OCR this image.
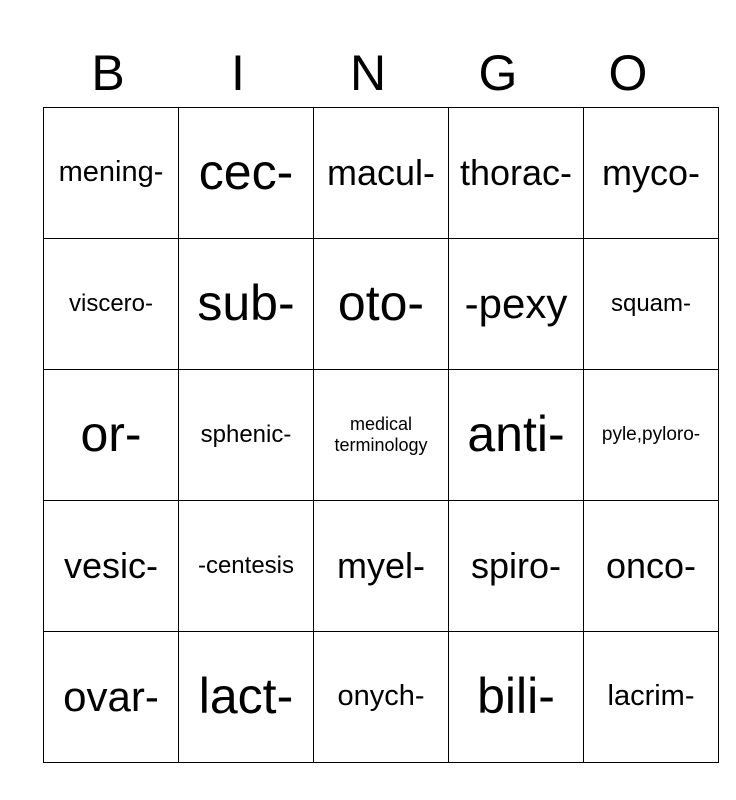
B	I	N	G	O
mening-	cec-	macul-	thorac-	myco-
viscero-	sub-	oto-	-pexy	squam-
or-	sphenic-	medical terminology	anti-	pyle,pyloro-
vesic-	-centesis	myel-	spiro-	onco-
ovar-	lact-	onych-	bili-	lacrim-
